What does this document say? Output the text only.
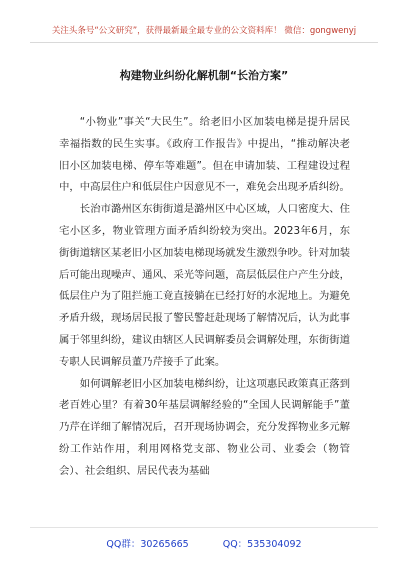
关注头条号“公文研究”，获得最新最全最专业的公文资料库！ 微信：gongwenyj
构建物业纠纷化解机制“长治方案”

“小物业”事关“大民生”。给老旧小区加装电梯是提升居民幸福指数的民生实事。《政府工作报告》中提出，“推动解决老旧小区加装电梯、停车等难题”。但在申请加装、工程建设过程中，中高层住户和低层住户因意见不一，难免会出现矛盾纠纷。

长治市潞州区东街街道是潞州区中心区域，人口密度大、住宅小区多，物业管理方面矛盾纠纷较为突出。2023年6月，东街街道辖区某老旧小区加装电梯现场就发生激烈争吵。针对加装后可能出现噪声、通风、采光等问题，高层低层住户产生分歧，低层住户为了阻拦施工竟直接躺在已经打好的水泥地上。为避免矛盾升级，现场居民报了警民警赶赴现场了解情况后，认为此事属于邻里纠纷，建议由辖区人民调解委员会调解处理，东街街道专职人民调解员董乃芹接手了此案。

如何调解老旧小区加装电梯纠纷，让这项惠民政策真正落到老百姓心里？有着30年基层调解经验的“全国人民调解能手”董乃芹在详细了解情况后，召开现场协调会，充分发挥物业多元解纷工作站作用，利用网格党支部、物业公司、业委会（物管会）、社会组织、居民代表为基础

QQ群：30265665	QQ：535304092
